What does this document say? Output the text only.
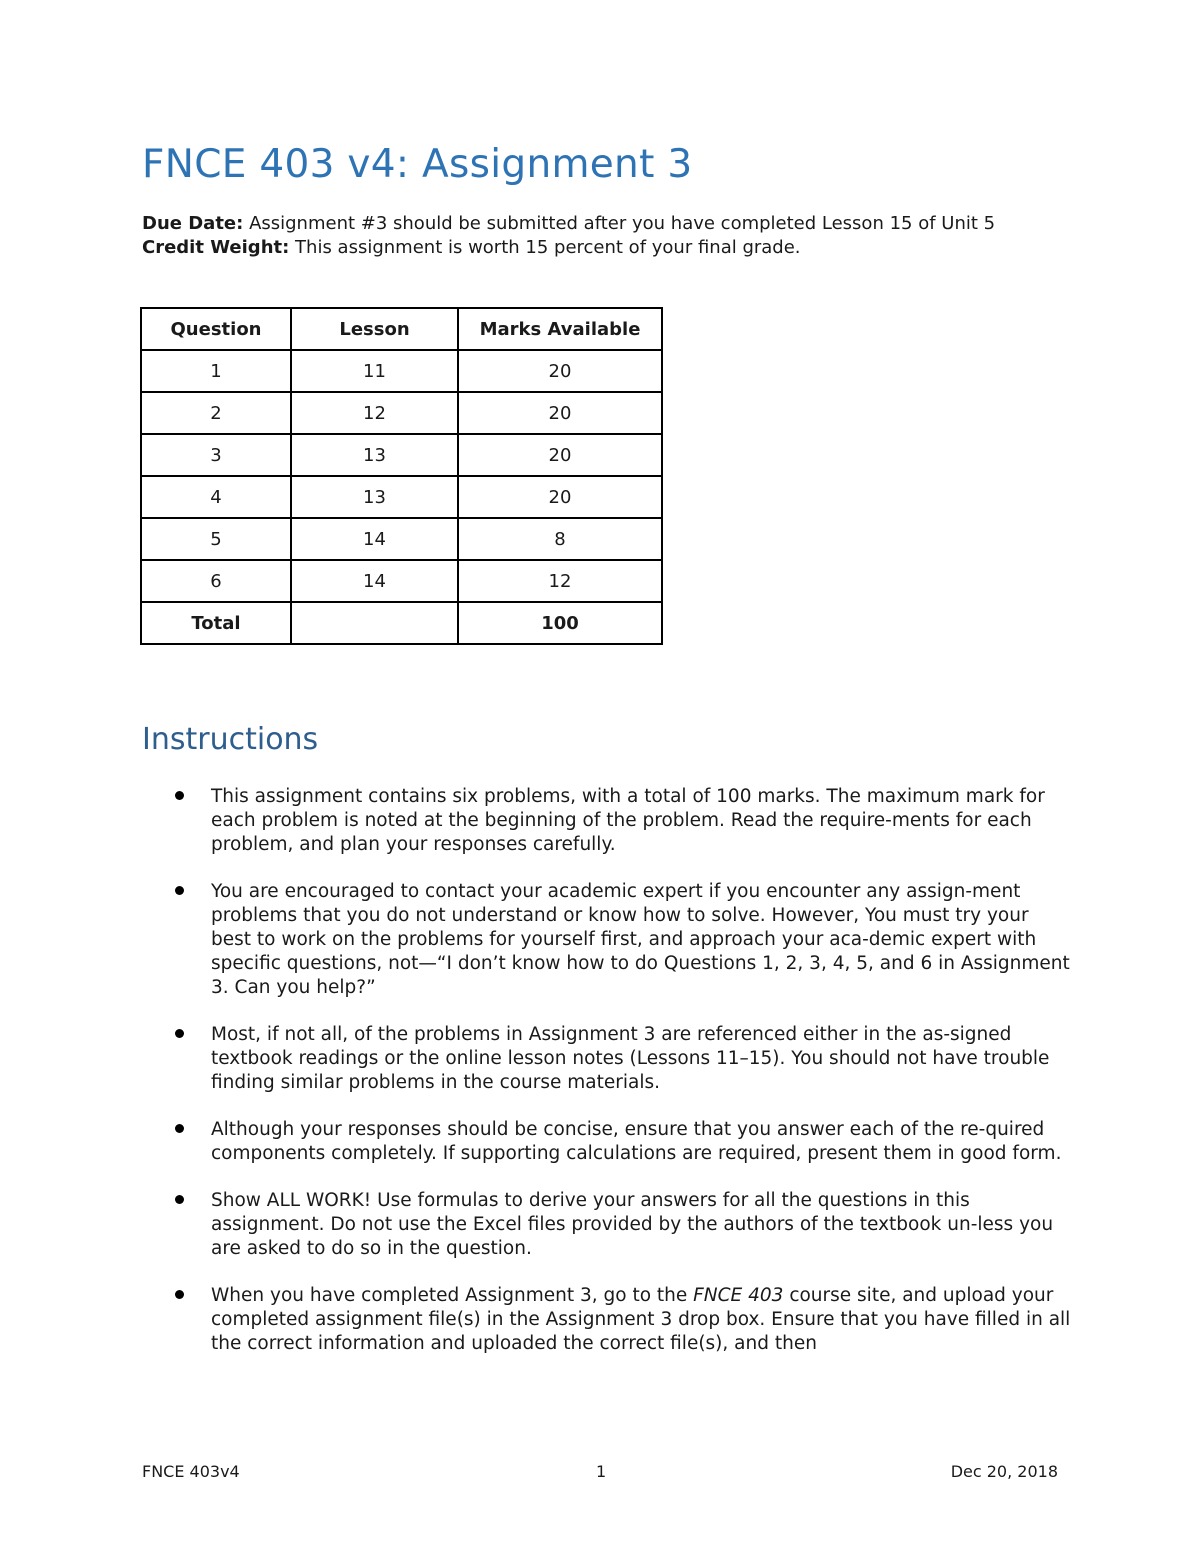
FNCE 403 v4: Assignment 3
Due Date: Assignment #3 should be submitted after you have completed Lesson 15 of Unit 5
Credit Weight: This assignment is worth 15 percent of your final grade.
Question	Lesson	Marks Available
1	11	20
2	12	20
3	13	20
4	13	20
5	14	8
6	14	12
Total		100
Instructions
This assignment contains six problems, with a total of 100 marks. The maximum mark for each problem is noted at the beginning of the problem. Read the require-ments for each problem, and plan your responses carefully.
You are encouraged to contact your academic expert if you encounter any assign-ment problems that you do not understand or know how to solve. However, You must try your best to work on the problems for yourself first, and approach your aca-demic expert with specific questions, not—“I don’t know how to do Questions 1, 2, 3, 4, 5, and 6 in Assignment 3. Can you help?”
Most, if not all, of the problems in Assignment 3 are referenced either in the as-signed textbook readings or the online lesson notes (Lessons 11–15). You should not have trouble finding similar problems in the course materials.
Although your responses should be concise, ensure that you answer each of the re-quired components completely. If supporting calculations are required, present them in good form.
Show ALL WORK! Use formulas to derive your answers for all the questions in this assignment. Do not use the Excel files provided by the authors of the textbook un-less you are asked to do so in the question.
When you have completed Assignment 3, go to the FNCE 403 course site, and upload your completed assignment file(s) in the Assignment 3 drop box. Ensure that you have filled in all the correct information and uploaded the correct file(s), and then
FNCE 403v4	1	Dec 20, 2018
